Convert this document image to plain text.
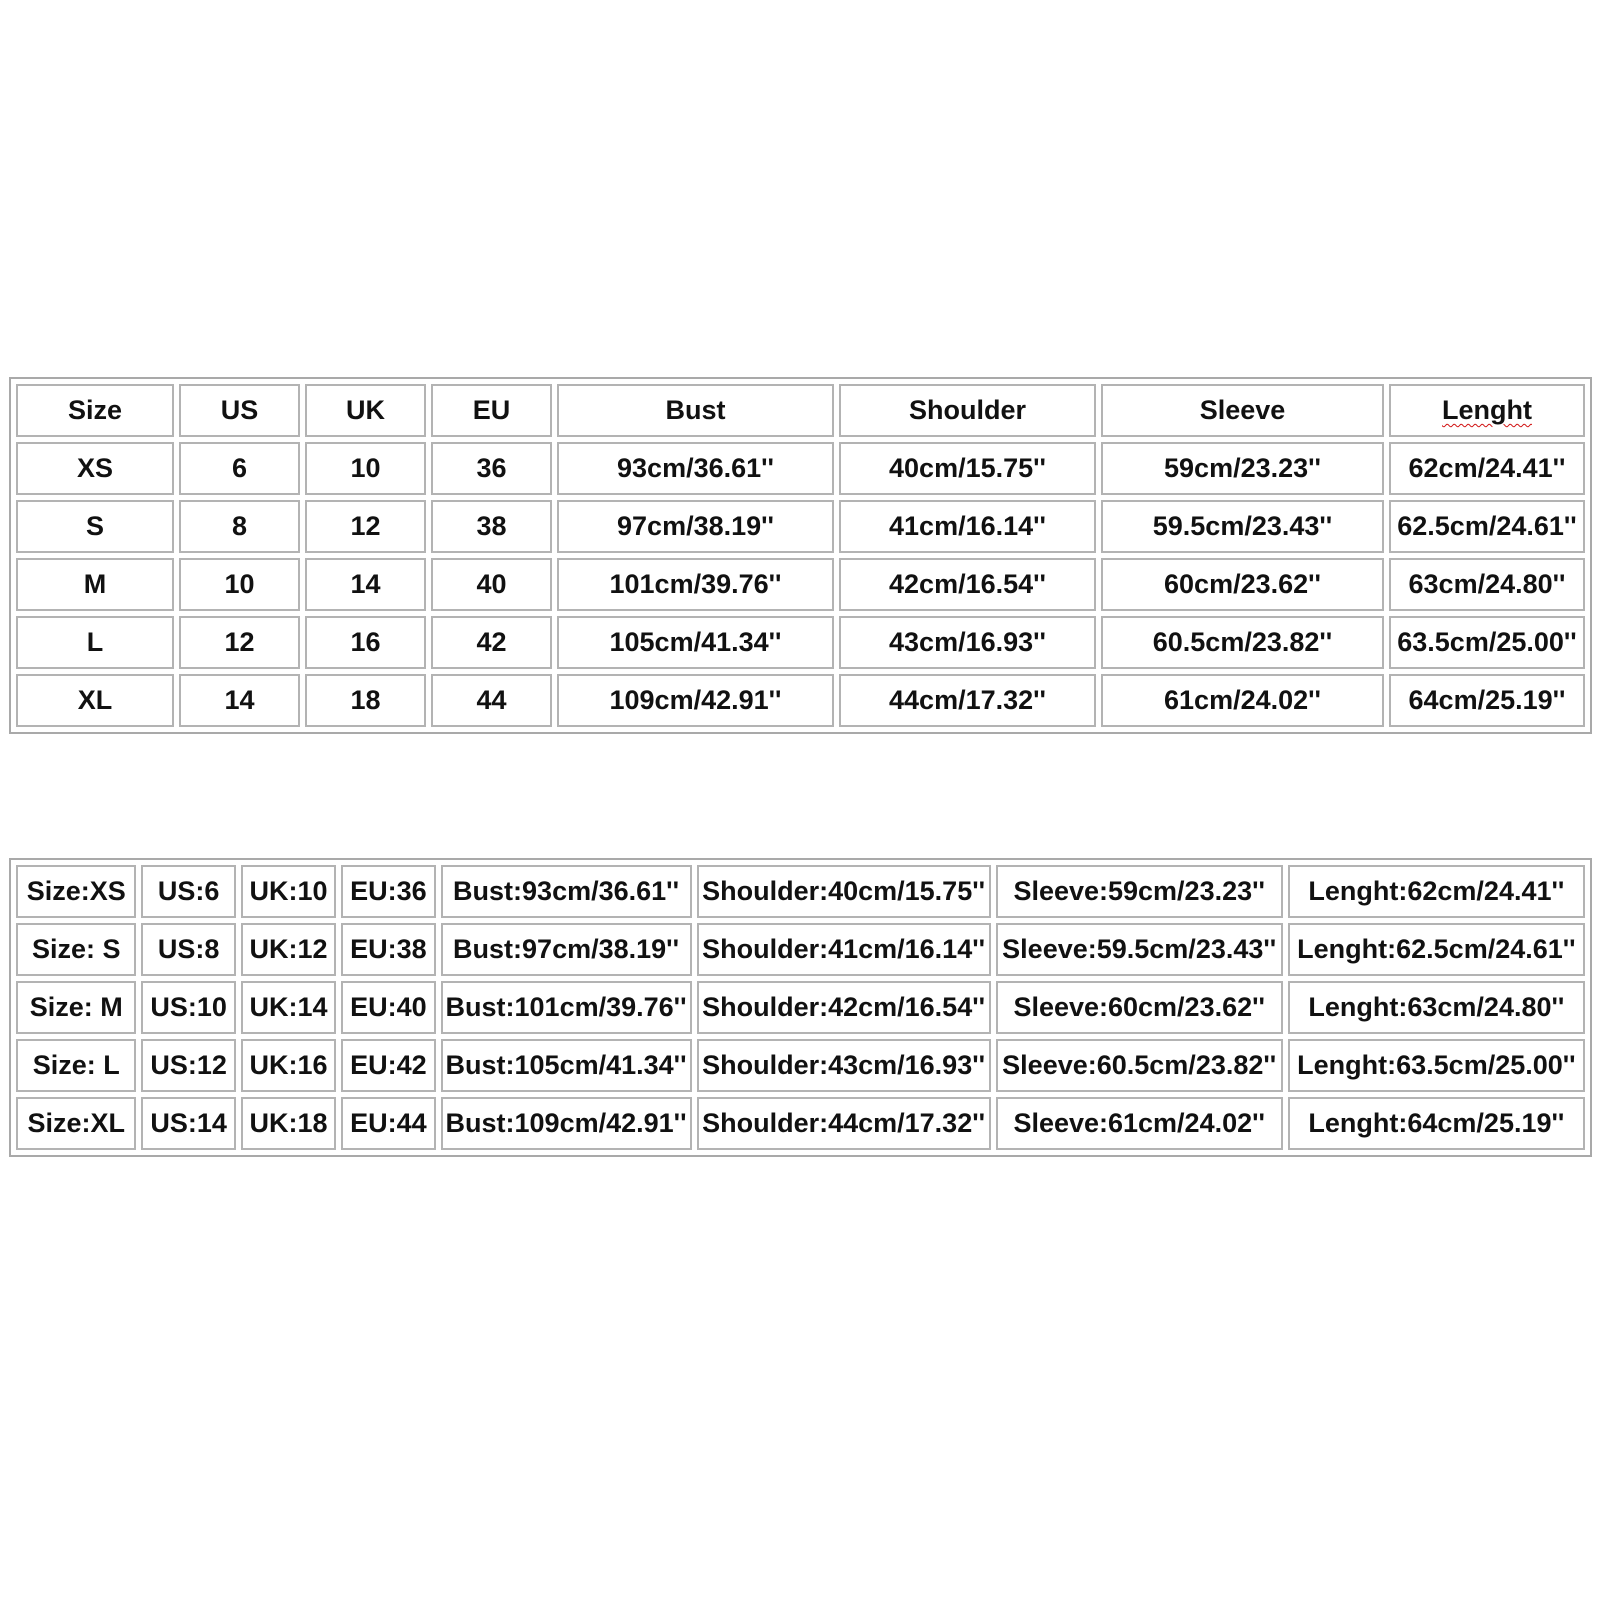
Size	US	UK	EU	Bust	Shoulder	Sleeve	Lenght
XS	6	10	36	93cm/36.61''	40cm/15.75''	59cm/23.23''	62cm/24.41''
S	8	12	38	97cm/38.19''	41cm/16.14''	59.5cm/23.43''	62.5cm/24.61''
M	10	14	40	101cm/39.76''	42cm/16.54''	60cm/23.62''	63cm/24.80''
L	12	16	42	105cm/41.34''	43cm/16.93''	60.5cm/23.82''	63.5cm/25.00''
XL	14	18	44	109cm/42.91''	44cm/17.32''	61cm/24.02''	64cm/25.19''
Size:XS	US:6	UK:10	EU:36	Bust:93cm/36.61''	Shoulder:40cm/15.75''	Sleeve:59cm/23.23''	Lenght:62cm/24.41''
Size: S	US:8	UK:12	EU:38	Bust:97cm/38.19''	Shoulder:41cm/16.14''	Sleeve:59.5cm/23.43''	Lenght:62.5cm/24.61''
Size: M	US:10	UK:14	EU:40	Bust:101cm/39.76''	Shoulder:42cm/16.54''	Sleeve:60cm/23.62''	Lenght:63cm/24.80''
Size: L	US:12	UK:16	EU:42	Bust:105cm/41.34''	Shoulder:43cm/16.93''	Sleeve:60.5cm/23.82''	Lenght:63.5cm/25.00''
Size:XL	US:14	UK:18	EU:44	Bust:109cm/42.91''	Shoulder:44cm/17.32''	Sleeve:61cm/24.02''	Lenght:64cm/25.19''
